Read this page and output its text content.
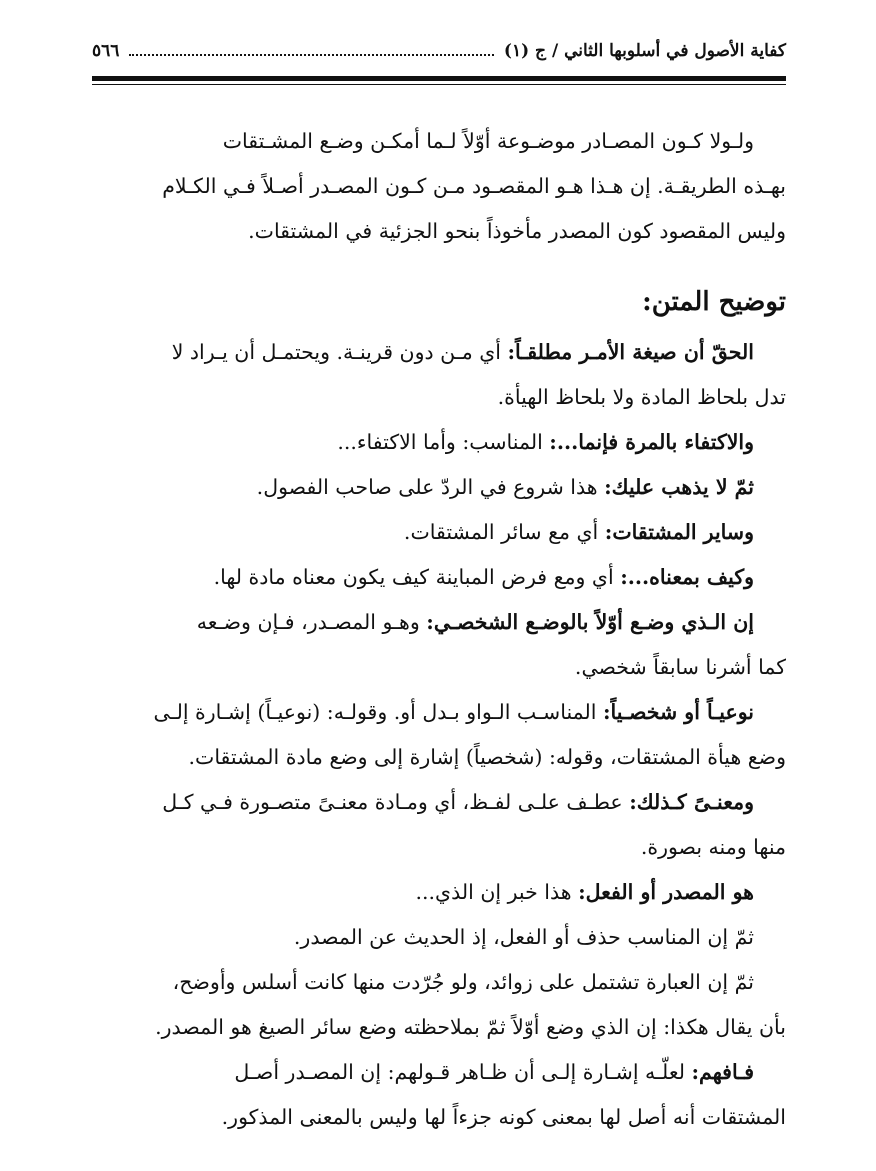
كفاية الأصول في أسلوبها الثاني / ج (١)
٥٦٦
ولـولا كـون المصـادر موضـوعة أوّلاً لـما أمكـن وضـع المشـتقات
بهـذه الطريقـة. إن هـذا هـو المقصـود مـن كـون المصـدر أصـلاً فـي الكـلام
وليس المقصود كون المصدر مأخوذاً بنحو الجزئية في المشتقات.
توضيح المتن:
الحقّ أن صيغة الأمـر مطلقـاً: أي مـن دون قرينـة. ويحتمـل أن يـراد لا
تدل بلحاظ المادة ولا بلحاظ الهيأة.
والاكتفاء بالمرة فإنما...: المناسب: وأما الاكتفاء...
ثمّ لا يذهب عليك: هذا شروع في الردّ على صاحب الفصول.
وساير المشتقات: أي مع سائر المشتقات.
وكيف بمعناه...: أي ومع فرض المباينة كيف يكون معناه مادة لها.
إن الـذي وضـع أوّلاً بالوضـع الشخصـي: وهـو المصـدر، فـإن وضـعه
كما أشرنا سابقاً شخصي.
نوعيـاً أو شخصـياً: المناسـب الـواو بـدل أو. وقولـه: (نوعيـاً) إشـارة إلـى
وضع هيأة المشتقات، وقوله: (شخصياً) إشارة إلى وضع مادة المشتقات.
ومعنـىً كـذلك: عطـف علـى لفـظ، أي ومـادة معنـىً متصـورة فـي كـل
منها ومنه بصورة.
هو المصدر أو الفعل: هذا خبر إن الذي...
ثمّ إن المناسب حذف أو الفعل، إذ الحديث عن المصدر.
ثمّ إن العبارة تشتمل على زوائد، ولو جُرّدت منها كانت أسلس وأوضح،
بأن يقال هكذا: إن الذي وضع أوّلاً ثمّ بملاحظته وضع سائر الصيغ هو المصدر.
فـافهم: لعلّـه إشـارة إلـى أن ظـاهر قـولهم: إن المصـدر أصـل
المشتقات أنه أصل لها بمعنى كونه جزءاً لها وليس بالمعنى المذكور.
